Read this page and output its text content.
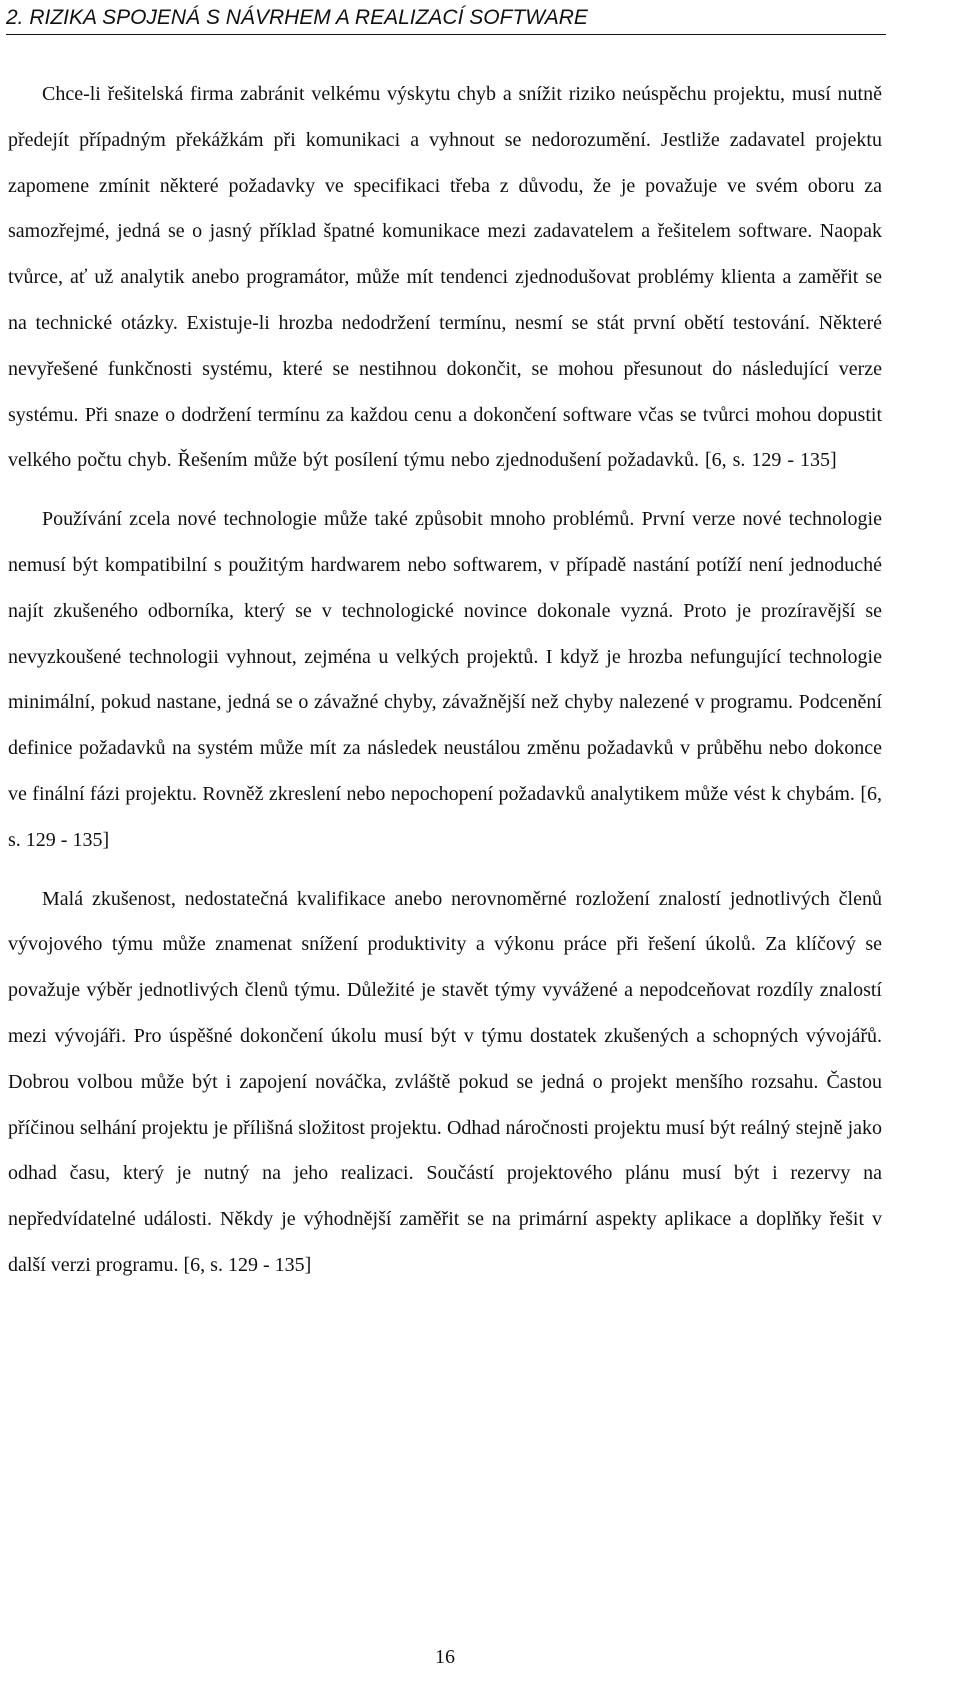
2. RIZIKA SPOJENÁ S NÁVRHEM A REALIZACÍ SOFTWARE

Chce-li řešitelská firma zabránit velkému výskytu chyb a snížit riziko neúspěchu projektu, musí nutně předejít případným překážkám při komunikaci a vyhnout se nedorozumění. Jestliže zadavatel projektu zapomene zmínit některé požadavky ve specifikaci třeba z důvodu, že je považuje ve svém oboru za samozřejmé, jedná se o jasný příklad špatné komunikace mezi zadavatelem a řešitelem software. Naopak tvůrce, ať už analytik anebo programátor, může mít tendenci zjednodušovat problémy klienta a zaměřit se na technické otázky. Existuje-li hrozba nedodržení termínu, nesmí se stát první obětí testování. Některé nevyřešené funkčnosti systému, které se nestihnou dokončit, se mohou přesunout do následující verze systému. Při snaze o dodržení termínu za každou cenu a dokončení software včas se tvůrci mohou dopustit velkého počtu chyb. Řešením může být posílení týmu nebo zjednodušení požadavků. [6, s. 129 - 135]

Používání zcela nové technologie může také způsobit mnoho problémů. První verze nové technologie nemusí být kompatibilní s použitým hardwarem nebo softwarem, v případě nastání potíží není jednoduché najít zkušeného odborníka, který se v technologické novince dokonale vyzná. Proto je prozíravější se nevyzkoušené technologii vyhnout, zejména u velkých projektů. I když je hrozba nefungující technologie minimální, pokud nastane, jedná se o závažné chyby, závažnější než chyby nalezené v programu. Podcenění definice požadavků na systém může mít za následek neustálou změnu požadavků v průběhu nebo dokonce ve finální fázi projektu. Rovněž zkreslení nebo nepochopení požadavků analytikem může vést k chybám. [6, s. 129 - 135]

Malá zkušenost, nedostatečná kvalifikace anebo nerovnoměrné rozložení znalostí jednotlivých členů vývojového týmu může znamenat snížení produktivity a výkonu práce při řešení úkolů. Za klíčový se považuje výběr jednotlivých členů týmu. Důležité je stavět týmy vyvážené a nepodceňovat rozdíly znalostí mezi vývojáři. Pro úspěšné dokončení úkolu musí být v týmu dostatek zkušených a schopných vývojářů. Dobrou volbou může být i zapojení nováčka, zvláště pokud se jedná o projekt menšího rozsahu. Častou příčinou selhání projektu je přílišná složitost projektu. Odhad náročnosti projektu musí být reálný stejně jako odhad času, který je nutný na jeho realizaci. Součástí projektového plánu musí být i rezervy na nepředvídatelné události. Někdy je výhodnější zaměřit se na primární aspekty aplikace a doplňky řešit v další verzi programu. [6, s. 129 - 135]

16
